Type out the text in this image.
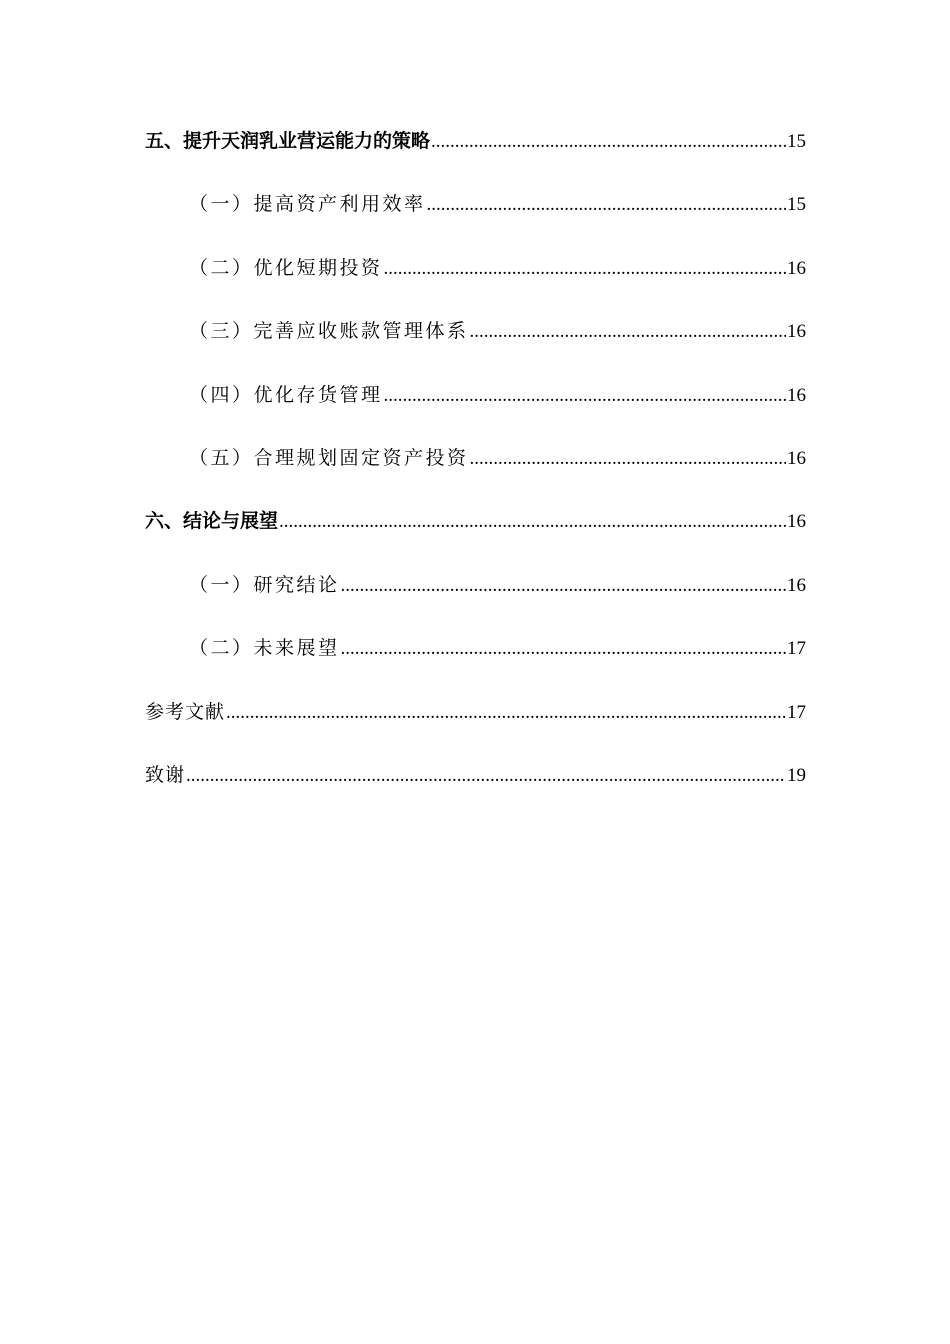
五、提升天润乳业营运能力的策略 .....	15
（一）提高资产利用效率 .....	15
（二）优化短期投资 .....	16
（三）完善应收账款管理体系 .....	16
（四）优化存货管理 .....	16
（五）合理规划固定资产投资 .....	16
六、结论与展望 .....	16
（一）研究结论 .....	16
（二）未来展望 .....	17
参考文献 .....	17
致谢 .....	19
